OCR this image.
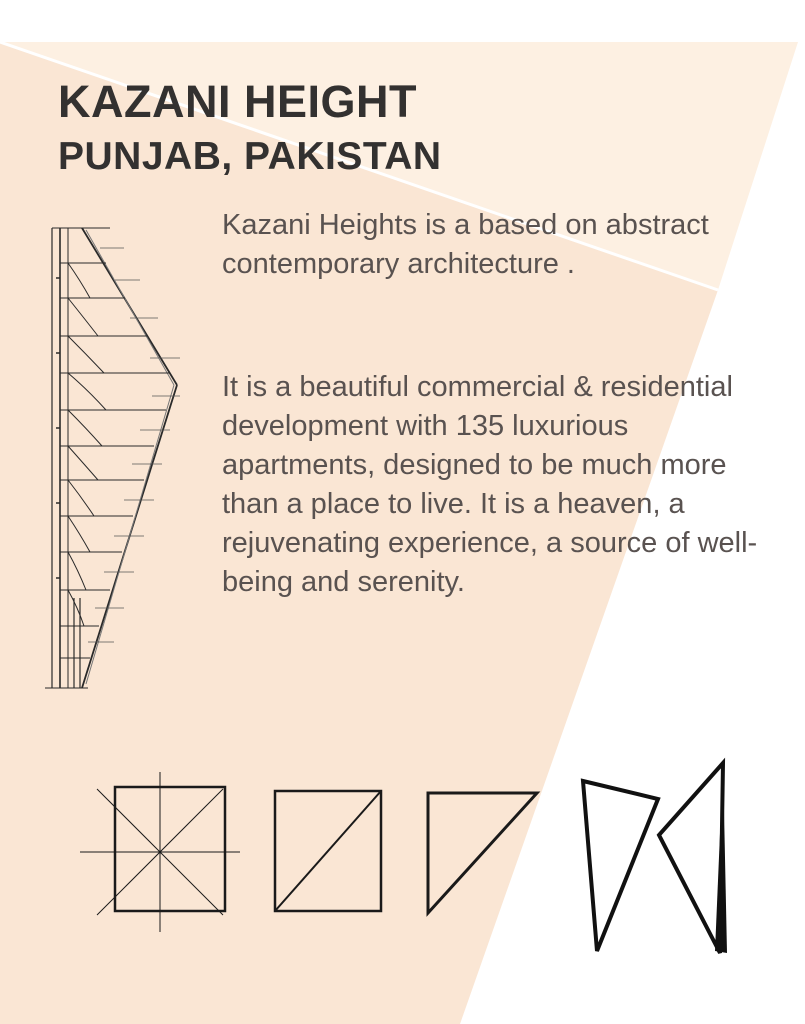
KAZANI HEIGHT
PUNJAB, PAKISTAN

Kazani Heights is a based on abstract contemporary architecture .

It is a beautiful commercial & residential development with 135 luxurious apartments, designed to be much more than a place to live. It is a heaven, a rejuvenating experience, a source of well-being and serenity.
